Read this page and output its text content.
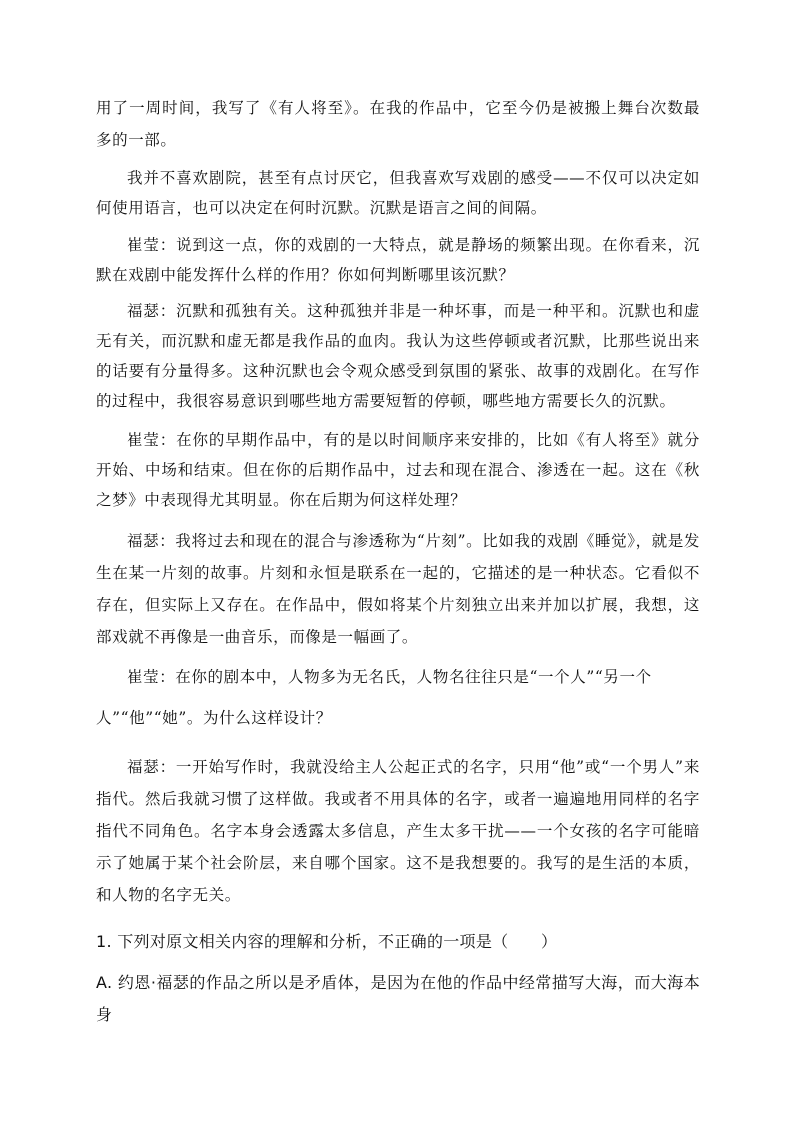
用了一周时间，我写了《有人将至》。在我的作品中，它至今仍是被搬上舞台次数最多的一部。

我并不喜欢剧院，甚至有点讨厌它，但我喜欢写戏剧的感受——不仅可以决定如何使用语言，也可以决定在何时沉默。沉默是语言之间的间隔。

崔莹：说到这一点，你的戏剧的一大特点，就是静场的频繁出现。在你看来，沉默在戏剧中能发挥什么样的作用？你如何判断哪里该沉默？

福瑟：沉默和孤独有关。这种孤独并非是一种坏事，而是一种平和。沉默也和虚无有关，而沉默和虚无都是我作品的血肉。我认为这些停顿或者沉默，比那些说出来的话要有分量得多。这种沉默也会令观众感受到氛围的紧张、故事的戏剧化。在写作的过程中，我很容易意识到哪些地方需要短暂的停顿，哪些地方需要长久的沉默。

崔莹：在你的早期作品中，有的是以时间顺序来安排的，比如《有人将至》就分开始、中场和结束。但在你的后期作品中，过去和现在混合、渗透在一起。这在《秋之梦》中表现得尤其明显。你在后期为何这样处理？

福瑟：我将过去和现在的混合与渗透称为“片刻”。比如我的戏剧《睡觉》，就是发生在某一片刻的故事。片刻和永恒是联系在一起的，它描述的是一种状态。它看似不存在，但实际上又存在。在作品中，假如将某个片刻独立出来并加以扩展，我想，这部戏就不再像是一曲音乐，而像是一幅画了。

崔莹：在你的剧本中，人物多为无名氏，人物名往往只是“一个人”“另一个

人”“他”“她”。为什么这样设计？

福瑟：一开始写作时，我就没给主人公起正式的名字，只用“他”或“一个男人”来指代。然后我就习惯了这样做。我或者不用具体的名字，或者一遍遍地用同样的名字指代不同角色。名字本身会透露太多信息，产生太多干扰——一个女孩的名字可能暗示了她属于某个社会阶层，来自哪个国家。这不是我想要的。我写的是生活的本质，和人物的名字无关。

1. 下列对原文相关内容的理解和分析，不正确的一项是（　　）

A. 约恩·福瑟的作品之所以是矛盾体，是因为在他的作品中经常描写大海，而大海本身
